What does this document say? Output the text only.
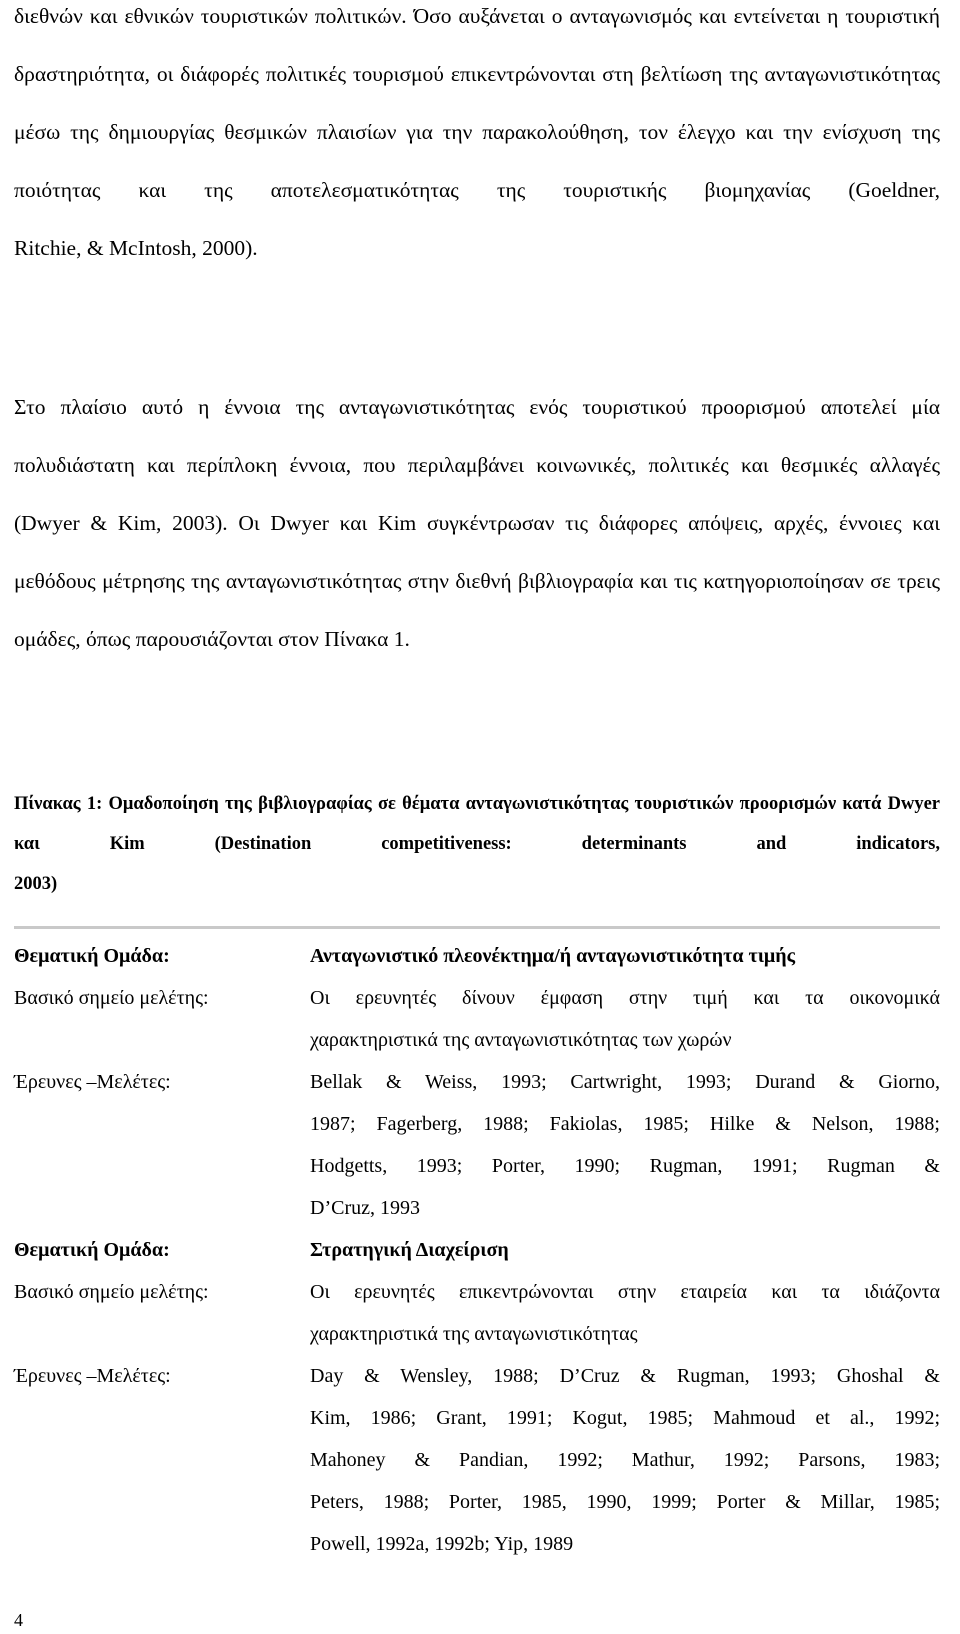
διεθνών και εθνικών τουριστικών πολιτικών. Όσο αυξάνεται ο ανταγωνισμός και εντείνεται η τουριστική δραστηριότητα, οι διάφορές πολιτικές τουρισμού επικεντρώνονται στη βελτίωση της ανταγωνιστικότητας μέσω της δημιουργίας θεσμικών πλαισίων για την παρακολούθηση, τον έλεγχο και την ενίσχυση της ποιότητας και της αποτελεσματικότητας της τουριστικής βιομηχανίας (Goeldner,
Ritchie, & McIntosh, 2000).

Στο πλαίσιο αυτό η έννοια της ανταγωνιστικότητας ενός τουριστικού προορισμού αποτελεί μία πολυδιάστατη και περίπλοκη έννοια, που περιλαμβάνει κοινωνικές, πολιτικές και θεσμικές αλλαγές (Dwyer & Kim, 2003). Οι Dwyer και Kim συγκέντρωσαν τις διάφορες απόψεις, αρχές, έννοιες και μεθόδους μέτρησης της ανταγωνιστικότητας στην διεθνή βιβλιογραφία και τις κατηγοριοποίησαν σε τρεις
ομάδες, όπως παρουσιάζονται στον Πίνακα 1.

Πίνακας 1: Ομαδοποίηση της βιβλιογραφίας σε θέματα ανταγωνιστικότητας τουριστικών προορισμών κατά Dwyer και Kim (Destination competitiveness: determinants and indicators,
2003)
Θεματική Ομάδα:	Ανταγωνιστικό πλεονέκτημα/ή ανταγωνιστικότητα τιμής
Βασικό σημείο μελέτης:	Οι ερευνητές δίνουν έμφαση στην τιμή και τα οικονομικά
χαρακτηριστικά της ανταγωνιστικότητας των χωρών
Έρευνες –Μελέτες:	Bellak & Weiss, 1993; Cartwright, 1993; Durand & Giorno,
1987; Fagerberg, 1988; Fakiolas, 1985; Hilke & Nelson, 1988;
Hodgetts, 1993; Porter, 1990; Rugman, 1991; Rugman &
D’Cruz, 1993
Θεματική Ομάδα:	Στρατηγική Διαχείριση
Βασικό σημείο μελέτης:	Οι ερευνητές επικεντρώνονται στην εταιρεία και τα ιδιάζοντα
χαρακτηριστικά της ανταγωνιστικότητας
Έρευνες –Μελέτες:	Day & Wensley, 1988; D’Cruz & Rugman, 1993; Ghoshal &
Kim, 1986; Grant, 1991; Kogut, 1985; Mahmoud et al., 1992;
Mahoney & Pandian, 1992; Mathur, 1992; Parsons, 1983;
Peters, 1988; Porter, 1985, 1990, 1999; Porter & Millar, 1985;
Powell, 1992a, 1992b; Yip, 1989
4
